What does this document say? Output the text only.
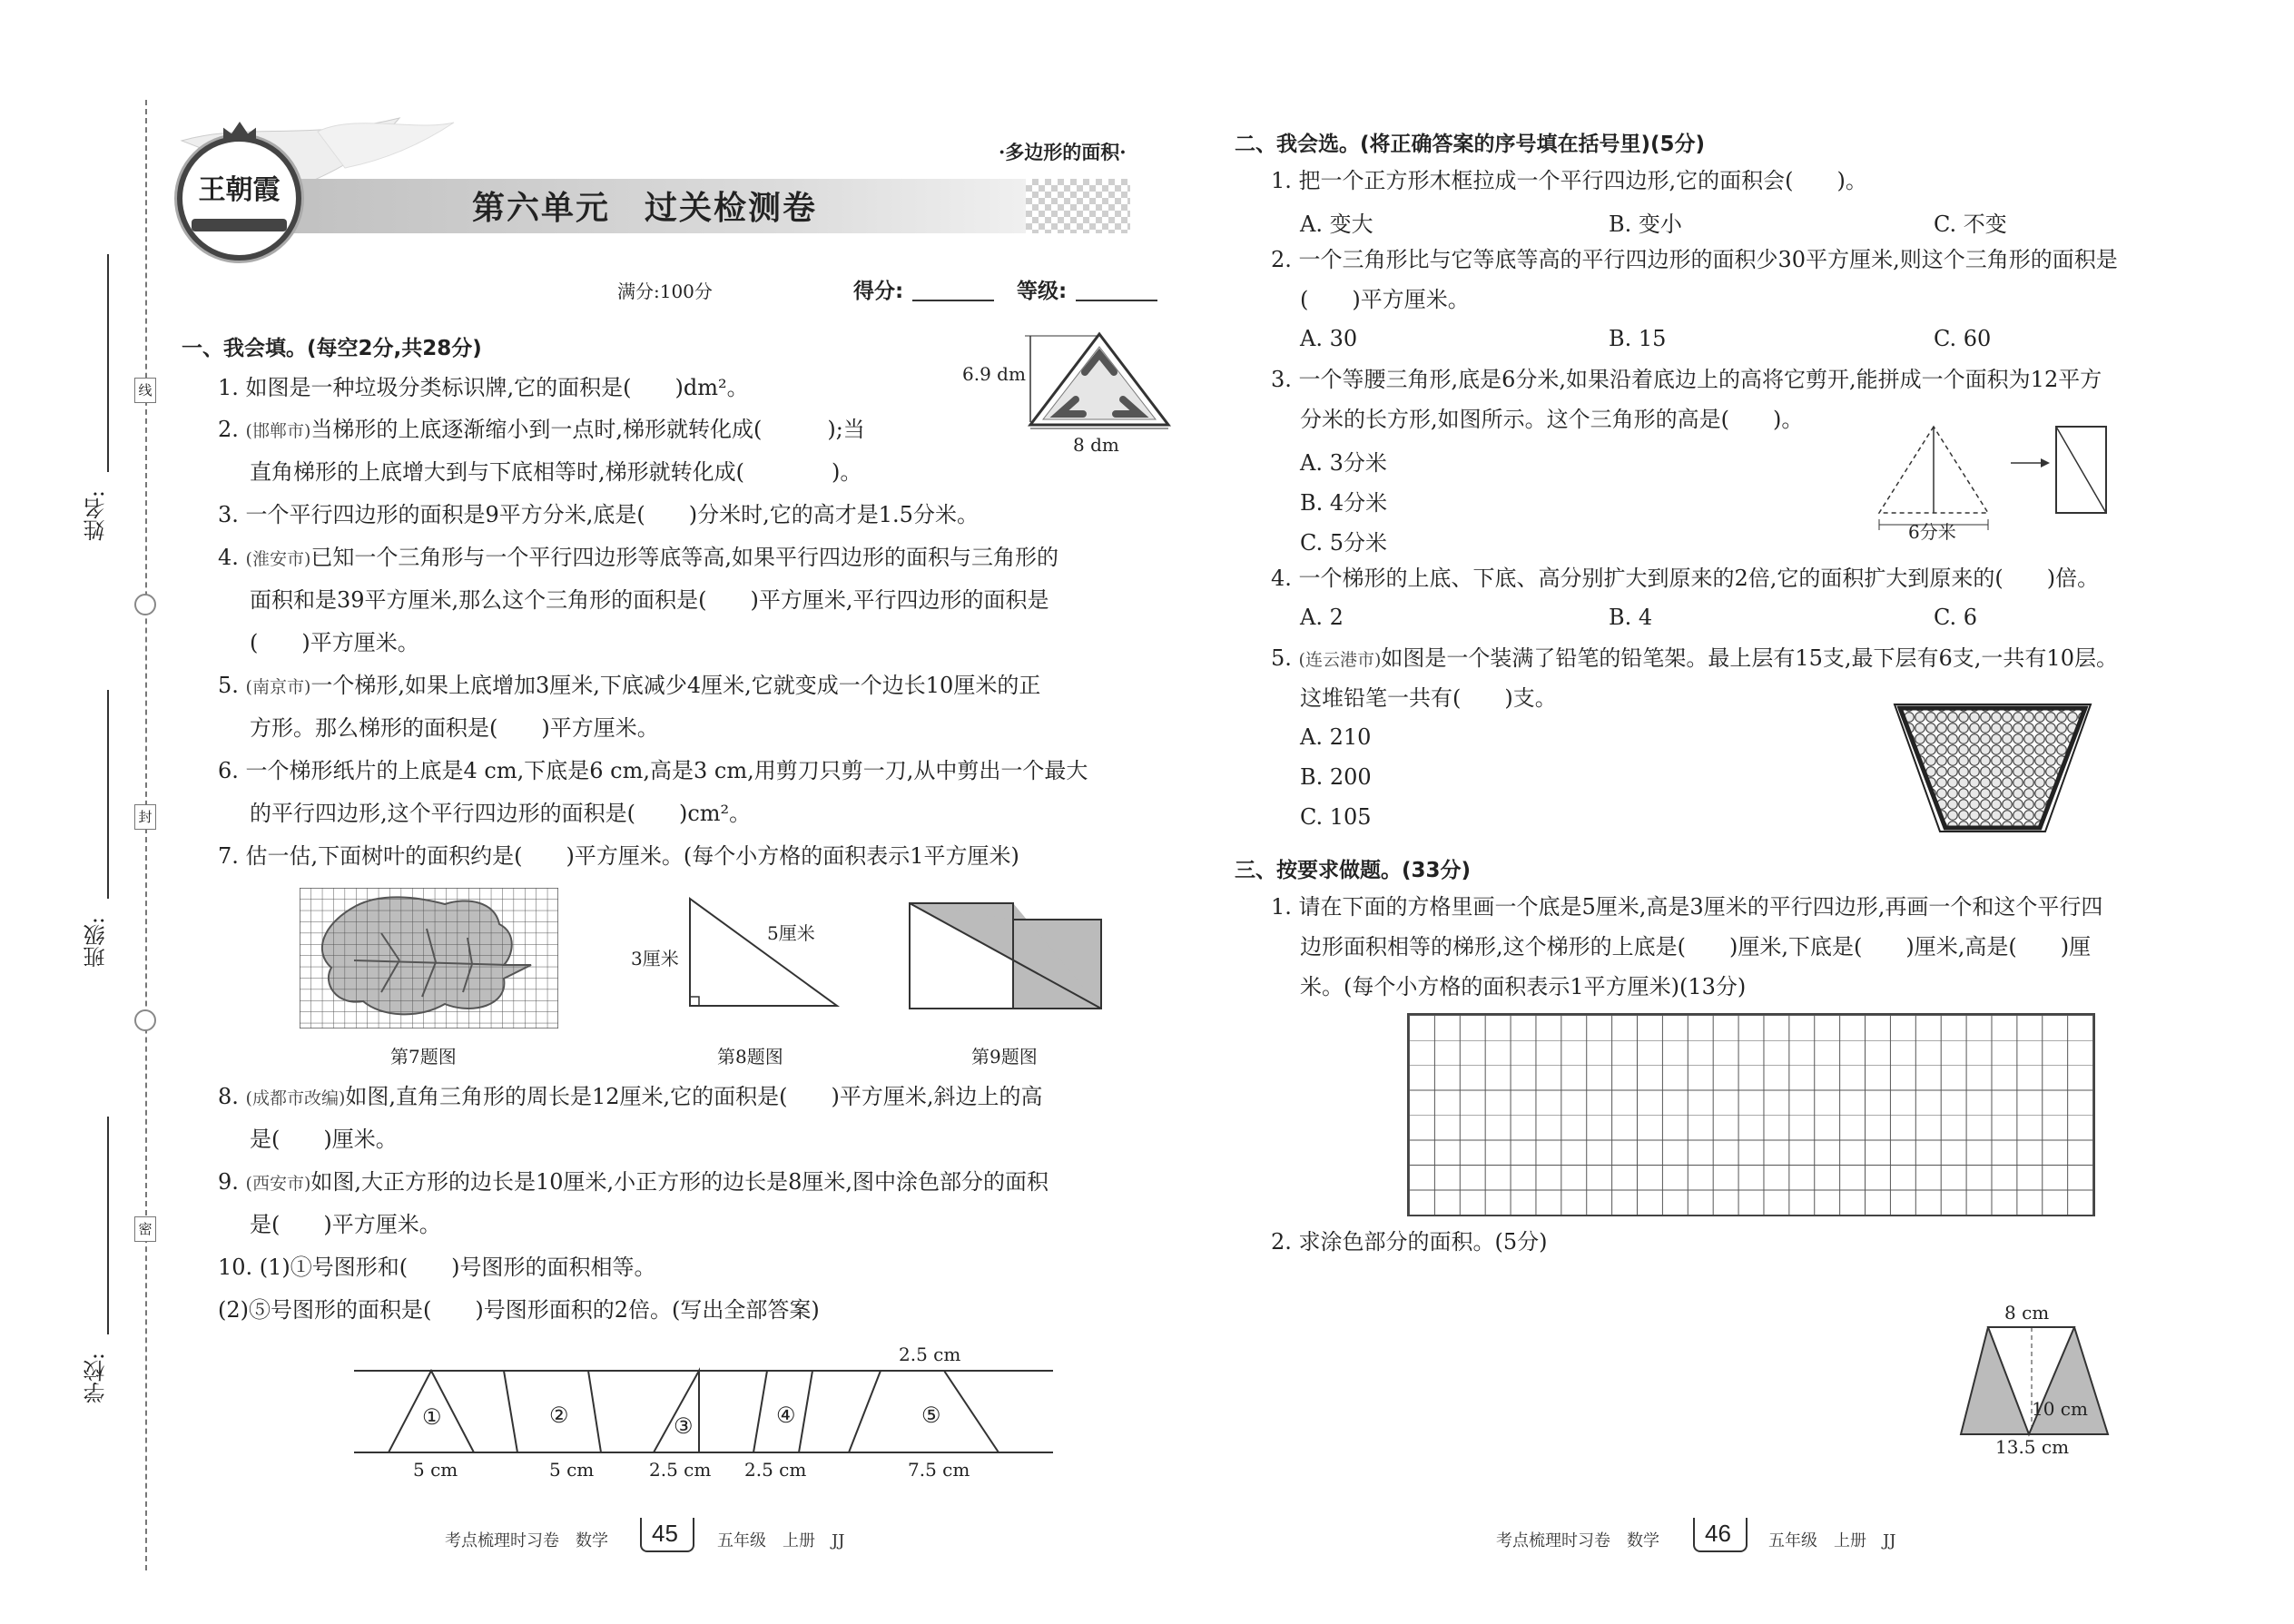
线
封
密
姓名:
班级:
学校:
第六单元　过关检测卷
·多边形的面积·
王朝霞
满分:100分	得分:	等级:
一、我会填。(每空2分,共28分)
1. 如图是一种垃圾分类标识牌,它的面积是(　　)dm²。
2. (邯郸市)当梯形的上底逐渐缩小到一点时,梯形就转化成(　　　);当
直角梯形的上底增大到与下底相等时,梯形就转化成(　　　　)。
3. 一个平行四边形的面积是9平方分米,底是(　　)分米时,它的高才是1.5分米。
4. (淮安市)已知一个三角形与一个平行四边形等底等高,如果平行四边形的面积与三角形的
面积和是39平方厘米,那么这个三角形的面积是(　　)平方厘米,平行四边形的面积是
(　　)平方厘米。
5. (南京市)一个梯形,如果上底增加3厘米,下底减少4厘米,它就变成一个边长10厘米的正
方形。那么梯形的面积是(　　)平方厘米。
6. 一个梯形纸片的上底是4 cm,下底是6 cm,高是3 cm,用剪刀只剪一刀,从中剪出一个最大
的平行四边形,这个平行四边形的面积是(　　)cm²。
7. 估一估,下面树叶的面积约是(　　)平方厘米。(每个小方格的面积表示1平方厘米)
6.9 dm
8 dm
第7题图
3厘米
5厘米
第8题图	第9题图
8. (成都市改编)如图,直角三角形的周长是12厘米,它的面积是(　　)平方厘米,斜边上的高
是(　　)厘米。
9. (西安市)如图,大正方形的边长是10厘米,小正方形的边长是8厘米,图中涂色部分的面积
是(　　)平方厘米。
10. (1)①号图形和(　　)号图形的面积相等。
(2)⑤号图形的面积是(　　)号图形面积的2倍。(写出全部答案)
①	②	③	④	⑤
2.5 cm
5 cm	5 cm	2.5 cm 2.5 cm	7.5 cm
考点梳理时习卷　数学 45 五年级　上册　JJ
二、我会选。(将正确答案的序号填在括号里)(5分)
1. 把一个正方形木框拉成一个平行四边形,它的面积会(　　)。
A. 变大	B. 变小	C. 不变
2. 一个三角形比与它等底等高的平行四边形的面积少30平方厘米,则这个三角形的面积是
(　　)平方厘米。
A. 30	B. 15	C. 60
3. 一个等腰三角形,底是6分米,如果沿着底边上的高将它剪开,能拼成一个面积为12平方
分米的长方形,如图所示。这个三角形的高是(　　)。
A. 3分米
B. 4分米
C. 5分米	6分米
4. 一个梯形的上底、下底、高分别扩大到原来的2倍,它的面积扩大到原来的(　　)倍。
A. 2	B. 4	C. 6
5. (连云港市)如图是一个装满了铅笔的铅笔架。最上层有15支,最下层有6支,一共有10层。
这堆铅笔一共有(　　)支。
A. 210
B. 200
C. 105
三、按要求做题。(33分)
1. 请在下面的方格里画一个底是5厘米,高是3厘米的平行四边形,再画一个和这个平行四
边形面积相等的梯形,这个梯形的上底是(　　)厘米,下底是(　　)厘米,高是(　　)厘
米。(每个小方格的面积表示1平方厘米)(13分)
2. 求涂色部分的面积。(5分)
8 cm
10 cm
13.5 cm
考点梳理时习卷　数学 46 五年级　上册　JJ
